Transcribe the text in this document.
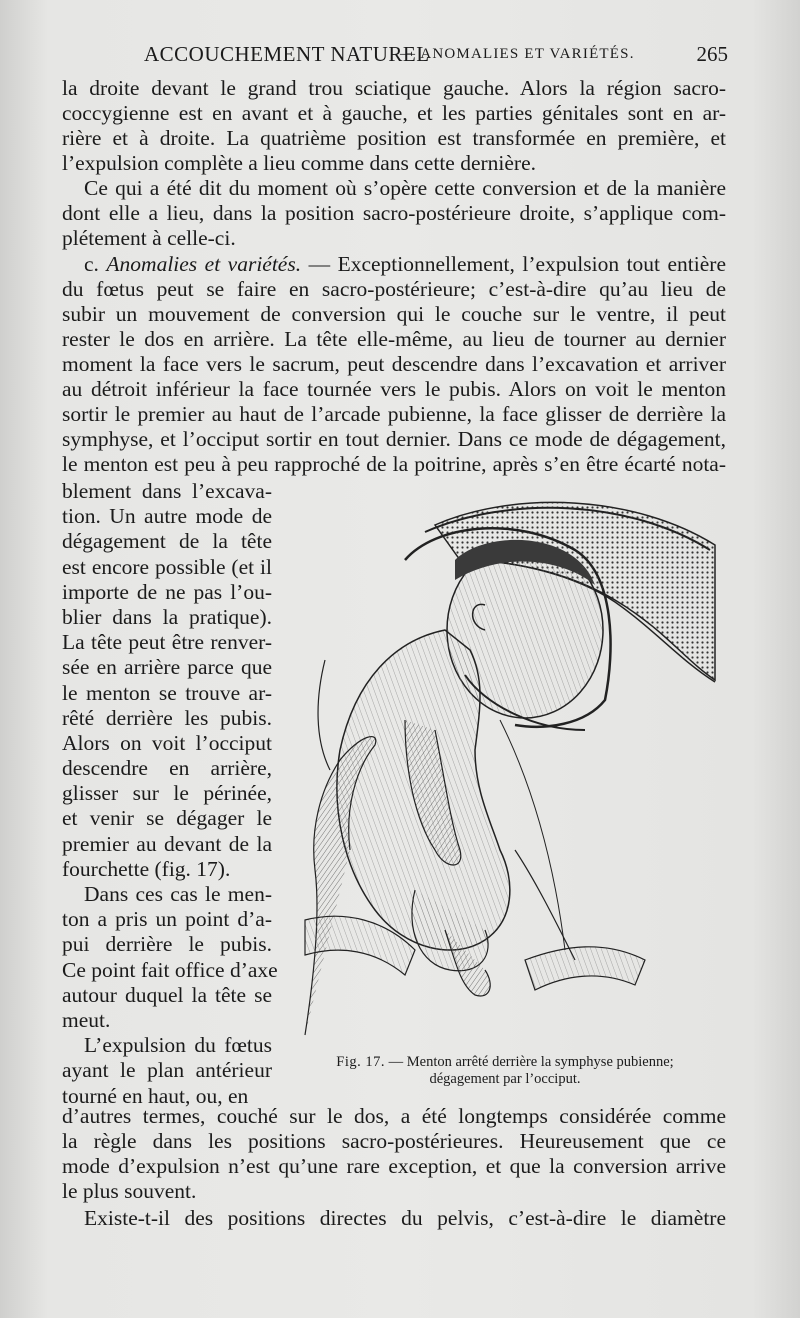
ACCOUCHEMENT NATUREL
— ANOMALIES ET VARIÉTÉS.	265
la droite devant le grand trou sciatique gauche. Alors la région sacro-
coccygienne est en avant et à gauche, et les parties génitales sont en ar-
rière et à droite. La quatrième position est transformée en première, et
l’expulsion complète a lieu comme dans cette dernière.
Ce qui a été dit du moment où s’opère cette conversion et de la manière
dont elle a lieu, dans la position sacro-postérieure droite, s’applique com-
plétement à celle-ci.
c. Anomalies et variétés. — Exceptionnellement, l’expulsion tout entière
du fœtus peut se faire en sacro-postérieure; c’est-à-dire qu’au lieu de
subir un mouvement de conversion qui le couche sur le ventre, il peut
rester le dos en arrière. La tête elle-même, au lieu de tourner au dernier
moment la face vers le sacrum, peut descendre dans l’excavation et arriver
au détroit inférieur la face tournée vers le pubis. Alors on voit le menton
sortir le premier au haut de l’arcade pubienne, la face glisser de derrière la
symphyse, et l’occiput sortir en tout dernier. Dans ce mode de dégagement,
le menton est peu à peu rapproché de la poitrine, après s’en être écarté nota-
blement dans l’excava-
tion. Un autre mode de
dégagement de la tête
est encore possible (et il
importe de ne pas l’ou-
blier dans la pratique).
La tête peut être renver-
sée en arrière parce que
le menton se trouve ar-
rêté derrière les pubis.
Alors on voit l’occiput
descendre en arrière,
glisser sur le périnée,
et venir se dégager le
premier au devant de la
fourchette (fig. 17).
Dans ces cas le men-
ton a pris un point d’a-
pui derrière le pubis.
Ce point fait office d’axe
autour duquel la tête se
meut.
L’expulsion du fœtus
ayant le plan antérieur
tourné en haut, ou, en
Fig. 17. — Menton arrêté derrière la symphyse pubienne;
dégagement par l’occiput.
d’autres termes, couché sur le dos, a été longtemps considérée comme
la règle dans les positions sacro-postérieures. Heureusement que ce
mode d’expulsion n’est qu’une rare exception, et que la conversion arrive
le plus souvent.
Existe-t-il des positions directes du pelvis, c’est-à-dire le diamètre
